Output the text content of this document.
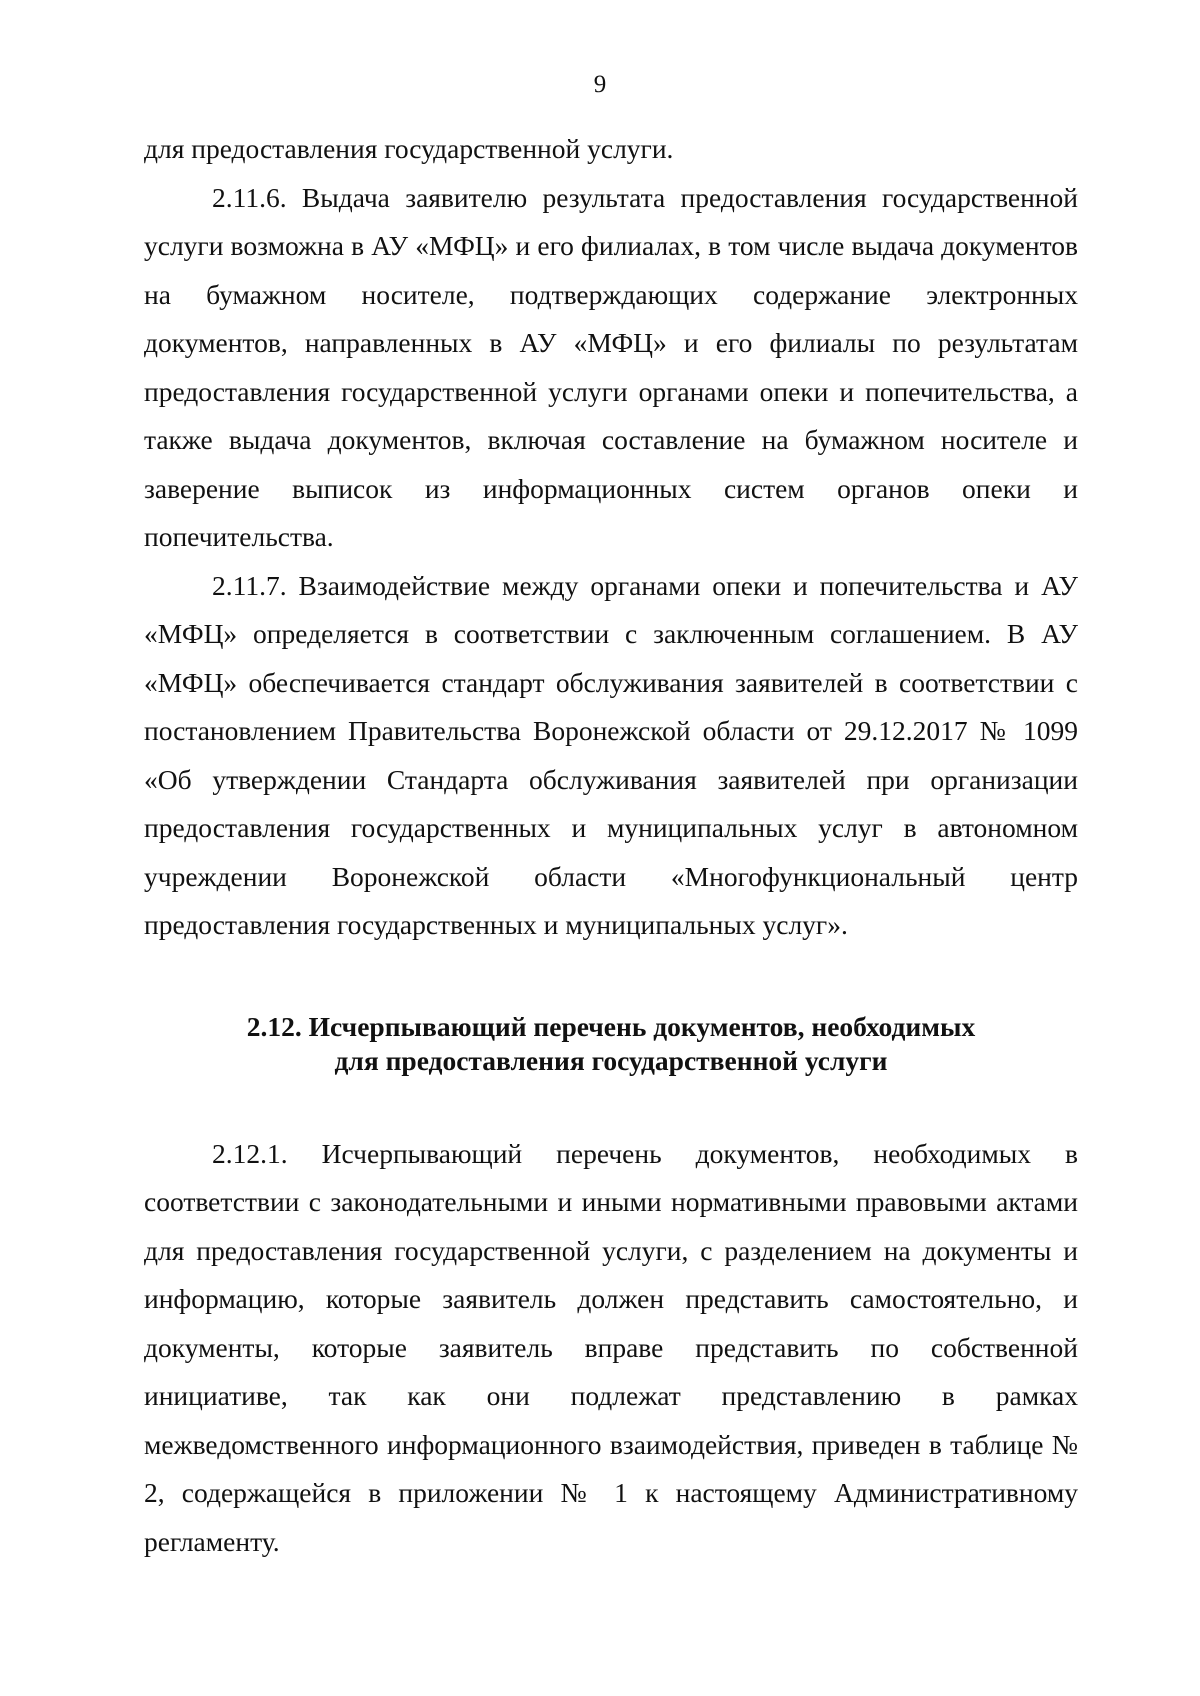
9

для предоставления государственной услуги.

2.11.6. Выдача заявителю результата предоставления государственной услуги возможна в АУ «МФЦ» и его филиалах, в том числе выдача документов на бумажном носителе, подтверждающих содержание электронных документов, направленных в АУ «МФЦ» и его филиалы по результатам предоставления государственной услуги органами опеки и попечительства, а также выдача документов, включая составление на бумажном носителе и заверение выписок из информационных систем органов опеки и попечительства.

2.11.7. Взаимодействие между органами опеки и попечительства и АУ «МФЦ» определяется в соответствии с заключенным соглашением. В АУ «МФЦ» обеспечивается стандарт обслуживания заявителей в соответствии с постановлением Правительства Воронежской области от 29.12.2017 № 1099 «Об утверждении Стандарта обслуживания заявителей при организации предоставления государственных и муниципальных услуг в автономном учреждении Воронежской области «Многофункциональный центр предоставления государственных и муниципальных услуг».

2.12. Исчерпывающий перечень документов, необходимых
для предоставления государственной услуги

2.12.1. Исчерпывающий перечень документов, необходимых в соответствии с законодательными и иными нормативными правовыми актами для предоставления государственной услуги, с разделением на документы и информацию, которые заявитель должен представить самостоятельно, и документы, которые заявитель вправе представить по собственной инициативе, так как они подлежат представлению в рамках межведомственного информационного взаимодействия, приведен в таблице № 2, содержащейся в приложении № 1 к настоящему Административному регламенту.
